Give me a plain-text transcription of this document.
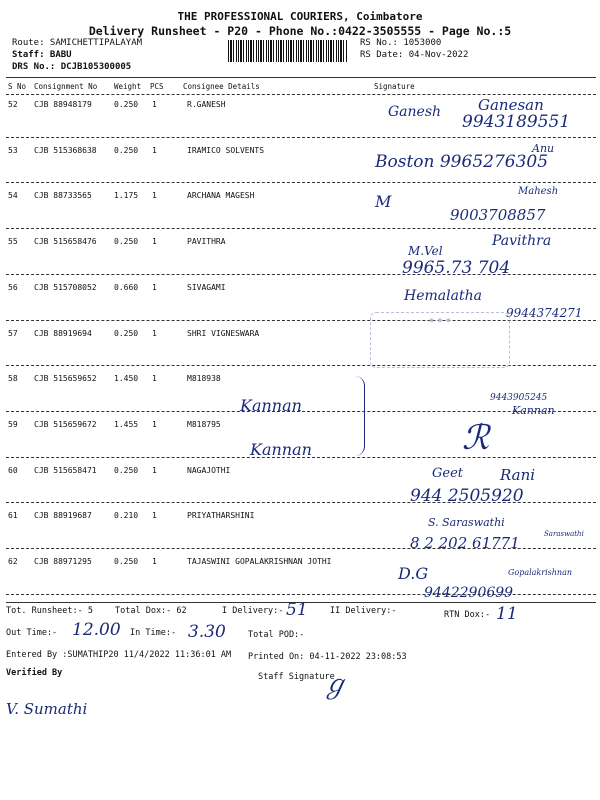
THE PROFESSIONAL COURIERS, Coimbatore
Delivery Runsheet - P20 - Phone No.:0422-3505555 - Page No.:5
Route: SAMICHETTIPALAYAM
Staff: BABU
DRS No.: DCJB105300005
RS No.: 1053000
RS Date: 04-Nov-2022
S No Consignment No Weight PCS	Consignee Details	Signature
52 CJB 88948179	0.250 1	R.GANESH
53 CJB 515368638 0.250 1	IRAMICO SOLVENTS
54 CJB 88733565	1.175 1	ARCHANA MAGESH
55 CJB 515658476 0.250 1	PAVITHRA
56 CJB 515708052 0.660 1	SIVAGAMI
57 CJB 88919694	0.250 1	SHRI VIGNESWARA
58 CJB 515659652 1.450 1	M818938
59 CJB 515659672 1.455 1	M818795
60 CJB 515658471 0.250 1	NAGAJOTHI
61 CJB 88919687	0.210 1	PRIYATHARSHINI
62 CJB 88971295	0.250 1	TAJASWINI GOPALAKRISHNAN JOTHI
Ganesh Ganesan
9943189551
Anu
Boston 9965276305
M
Mahesh
9003708857
M.Vel
Pavithra
9965.73 704
Hemalatha
9944374271
◉ ◉ ◉
Kannan	9443905245
Kannan
ℛ
Kannan
Geet Rani
944 2505920
S. Saraswathi
8 2 202 61771	Saraswathi
D.G	Gopalakrishnan
9442290699
Tot. Runsheet:- 5	Total Dox:- 62	I Delivery:- 51	II Delivery:-	RTN Dox:- 11
Out Time:- 12.00 In Time:- 3.30	Total POD:-
Entered By :SUMATHIP20 11/4/2022 11:36:01 AM Printed On: 04-11-2022 23:08:53
Verified By	Staff Signature
ℊ
V. Sumathi
